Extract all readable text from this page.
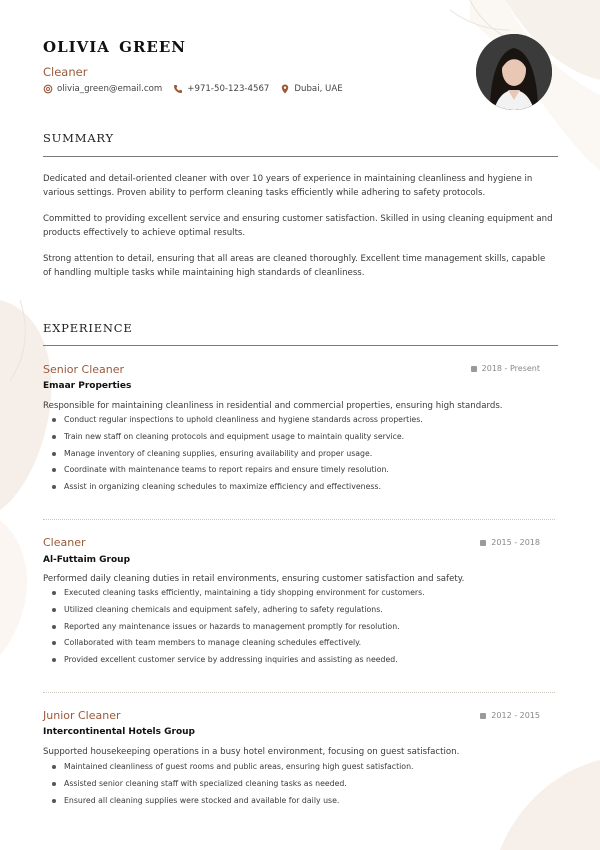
OLIVIA GREEN
Cleaner
olivia_green@email.com	+971-50-123-4567	Dubai, UAE
SUMMARY

Dedicated and detail-oriented cleaner with over 10 years of experience in maintaining cleanliness and hygiene in various settings. Proven ability to perform cleaning tasks efficiently while adhering to safety protocols.

Committed to providing excellent service and ensuring customer satisfaction. Skilled in using cleaning equipment and products effectively to achieve optimal results.

Strong attention to detail, ensuring that all areas are cleaned thoroughly. Excellent time management skills, capable of handling multiple tasks while maintaining high standards of cleanliness.

EXPERIENCE
Senior Cleaner	2018 - Present
Emaar Properties
Responsible for maintaining cleanliness in residential and commercial properties, ensuring high standards.
Conduct regular inspections to uphold cleanliness and hygiene standards across properties.
Train new staff on cleaning protocols and equipment usage to maintain quality service.
Manage inventory of cleaning supplies, ensuring availability and proper usage.
Coordinate with maintenance teams to report repairs and ensure timely resolution.
Assist in organizing cleaning schedules to maximize efficiency and effectiveness.
Cleaner	2015 - 2018
Al-Futtaim Group
Performed daily cleaning duties in retail environments, ensuring customer satisfaction and safety.
Executed cleaning tasks efficiently, maintaining a tidy shopping environment for customers.
Utilized cleaning chemicals and equipment safely, adhering to safety regulations.
Reported any maintenance issues or hazards to management promptly for resolution.
Collaborated with team members to manage cleaning schedules effectively.
Provided excellent customer service by addressing inquiries and assisting as needed.
Junior Cleaner	2012 - 2015
Intercontinental Hotels Group
Supported housekeeping operations in a busy hotel environment, focusing on guest satisfaction.
Maintained cleanliness of guest rooms and public areas, ensuring high guest satisfaction.
Assisted senior cleaning staff with specialized cleaning tasks as needed.
Ensured all cleaning supplies were stocked and available for daily use.
